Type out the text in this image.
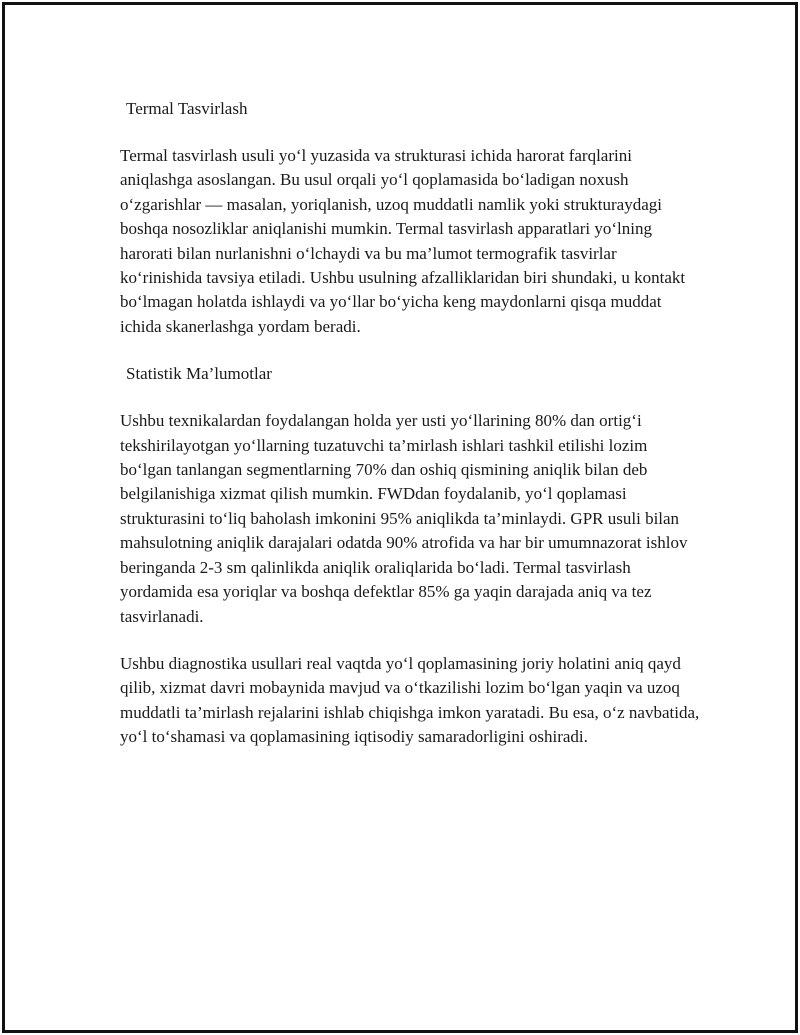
Termal Tasvirlash

Termal tasvirlash usuli yo‘l yuzasida va strukturasi ichida harorat farqlarini aniqlashga asoslangan. Bu usul orqali yo‘l qoplamasida bo‘ladigan noxush o‘zgarishlar — masalan, yoriqlanish, uzoq muddatli namlik yoki strukturaydagi boshqa nosozliklar aniqlanishi mumkin. Termal tasvirlash apparatlari yo‘lning harorati bilan nurlanishni o‘lchaydi va bu ma’lumot termografik tasvirlar ko‘rinishida tavsiya etiladi. Ushbu usulning afzalliklaridan biri shundaki, u kontakt bo‘lmagan holatda ishlaydi va yo‘llar bo‘yicha keng maydonlarni qisqa muddat ichida skanerlashga yordam beradi.

Statistik Ma’lumotlar

Ushbu texnikalardan foydalangan holda yer usti yo‘llarining 80% dan ortig‘i tekshirilayotgan yo‘llarning tuzatuvchi ta’mirlash ishlari tashkil etilishi lozim bo‘lgan tanlangan segmentlarning 70% dan oshiq qismining aniqlik bilan deb belgilanishiga xizmat qilish mumkin. FWDdan foydalanib, yo‘l qoplamasi strukturasini to‘liq baholash imkonini 95% aniqlikda ta’minlaydi. GPR usuli bilan mahsulotning aniqlik darajalari odatda 90% atrofida va har bir umumnazorat ishlov beringanda 2-3 sm qalinlikda aniqlik oraliqlarida bo‘ladi. Termal tasvirlash yordamida esa yoriqlar va boshqa defektlar 85% ga yaqin darajada aniq va tez tasvirlanadi.

Ushbu diagnostika usullari real vaqtda yo‘l qoplamasining joriy holatini aniq qayd qilib, xizmat davri mobaynida mavjud va o‘tkazilishi lozim bo‘lgan yaqin va uzoq muddatli ta’mirlash rejalarini ishlab chiqishga imkon yaratadi. Bu esa, o‘z navbatida, yo‘l to‘shamasi va qoplamasining iqtisodiy samaradorligini oshiradi.
